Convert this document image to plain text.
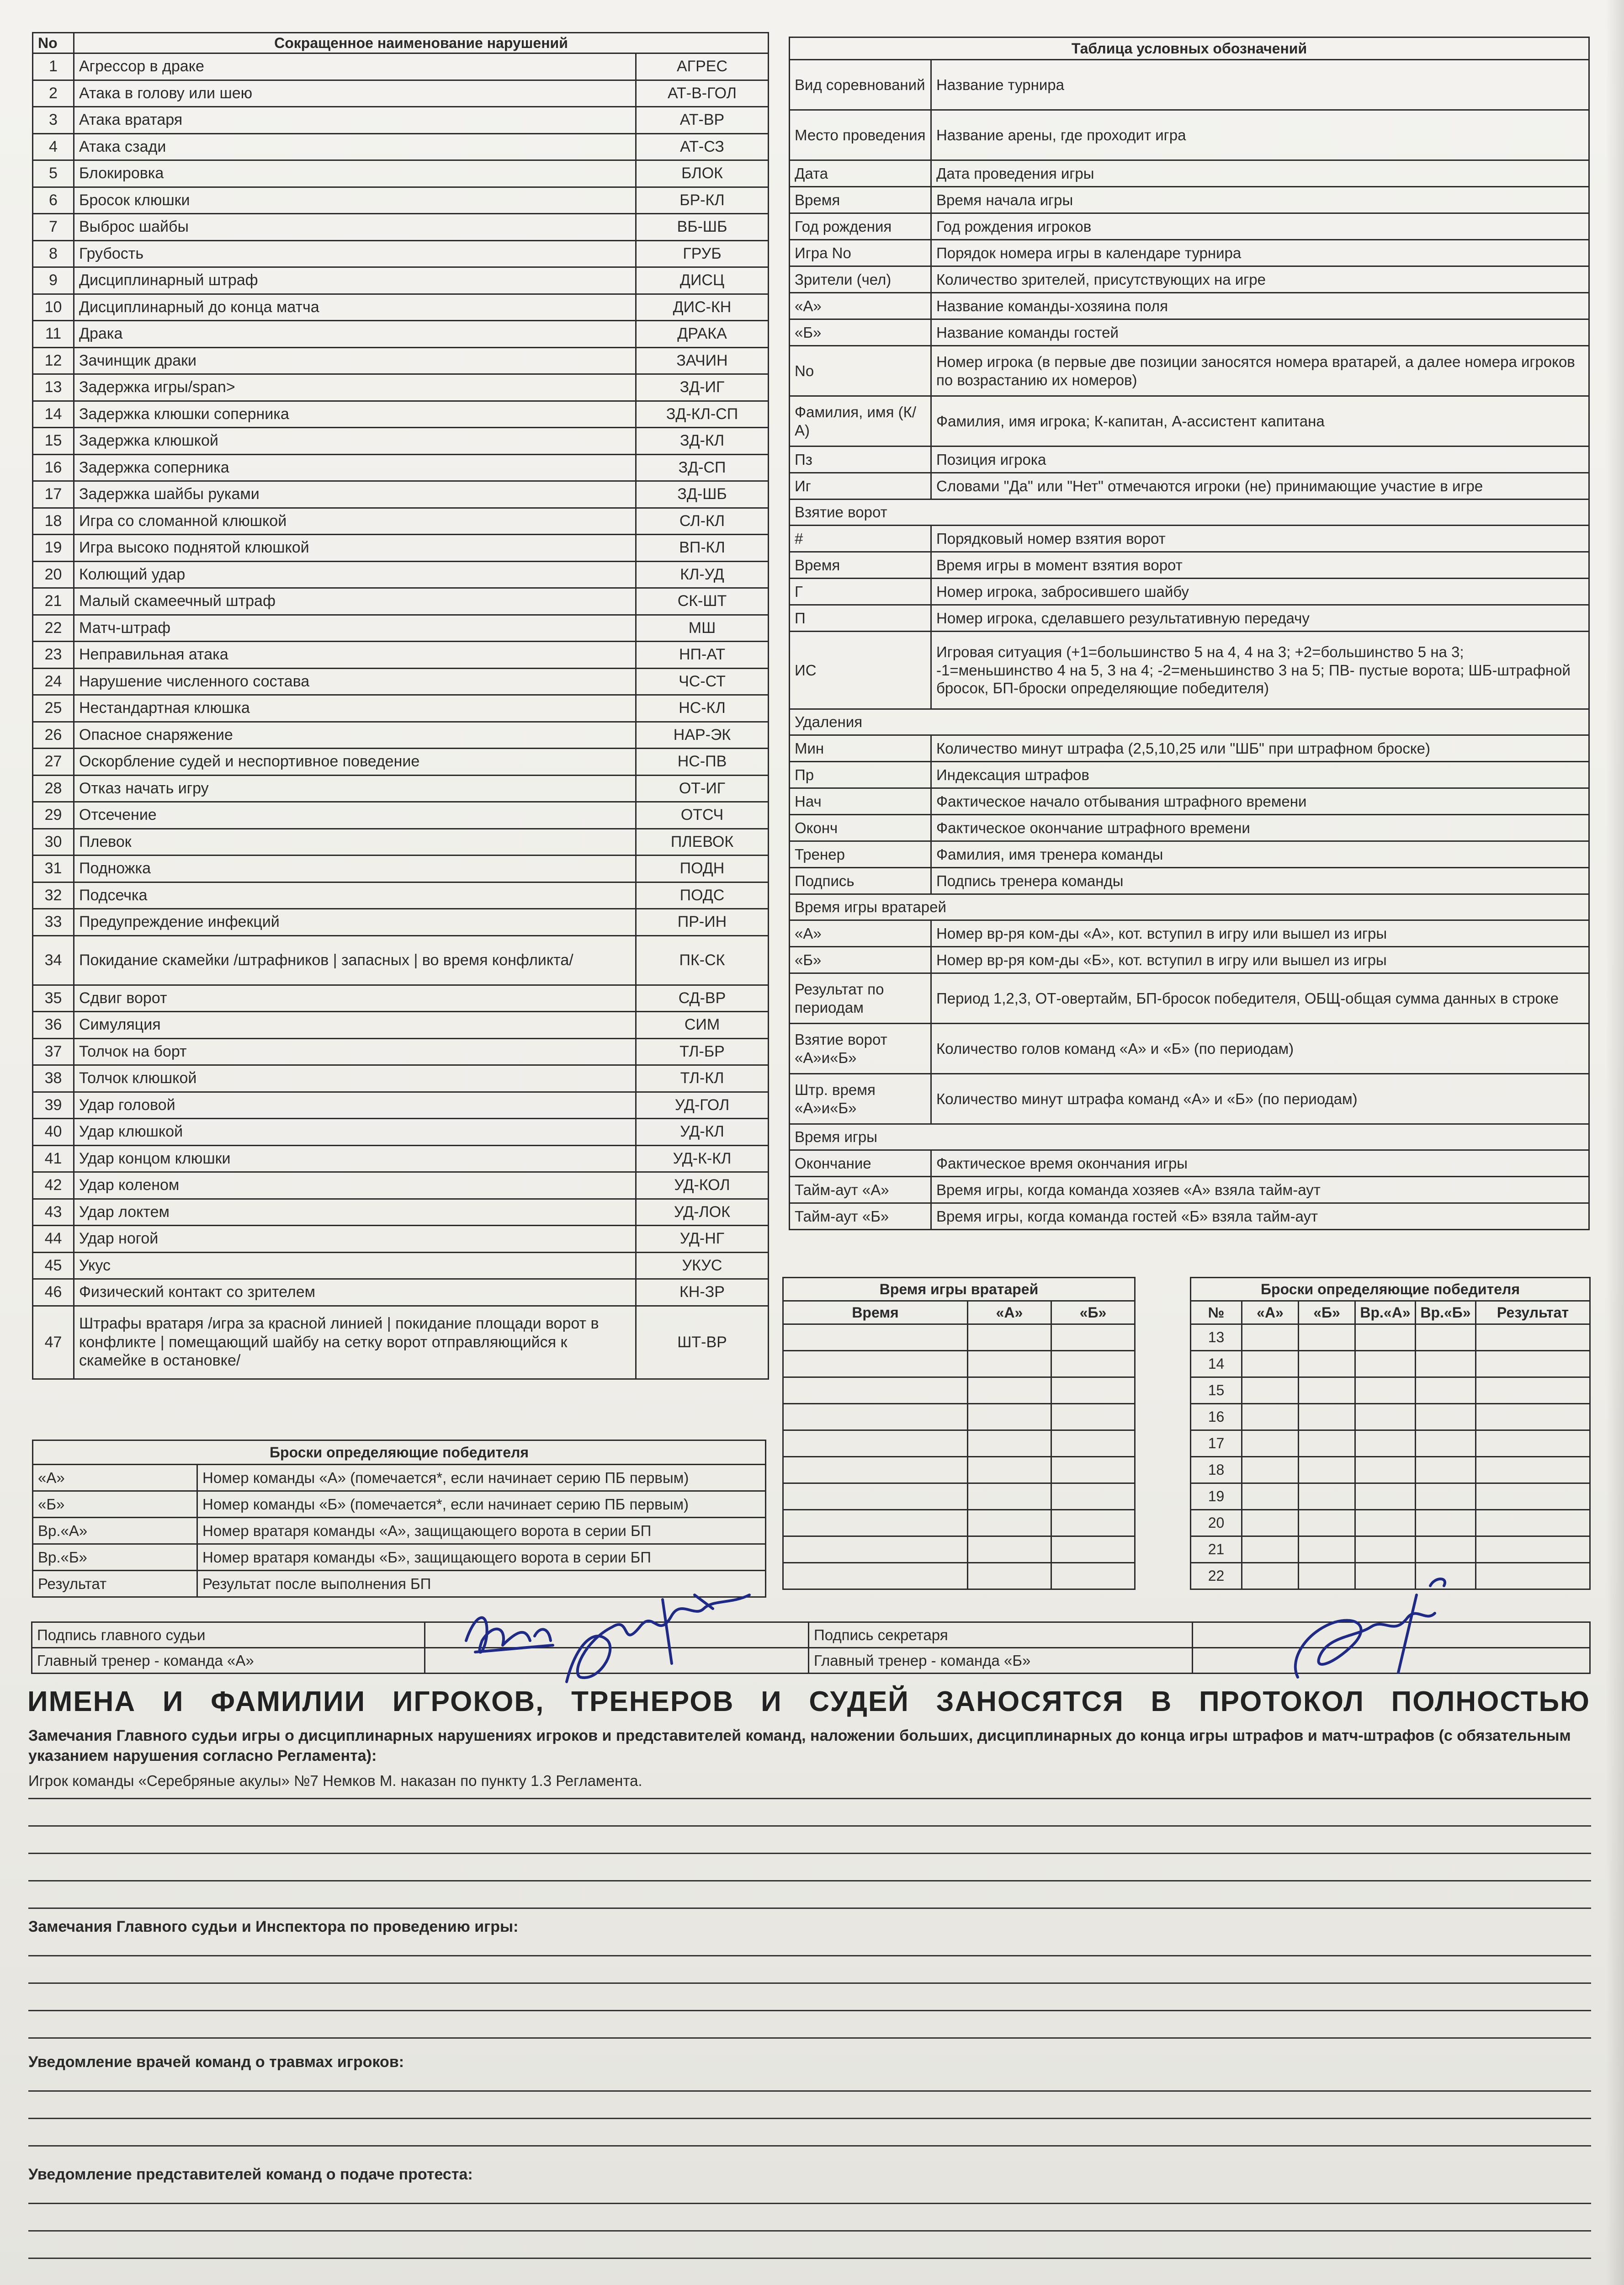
No	Сокращенное наименование нарушений	
1	Агрессор в драке	АГРЕС
2	Атака в голову или шею	АТ-В-ГОЛ
3	Атака вратаря	АТ-ВР
4	Атака сзади	АТ-СЗ
5	Блокировка	БЛОК
6	Бросок клюшки	БР-КЛ
7	Выброс шайбы	ВБ-ШБ
8	Грубость	ГРУБ
9	Дисциплинарный штраф	ДИСЦ
10	Дисциплинарный до конца матча	ДИС-КН
11	Драка	ДРАКА
12	Зачинщик драки	ЗАЧИН
13	Задержка игры/span>	ЗД-ИГ
14	Задержка клюшки соперника	ЗД-КЛ-СП
15	Задержка клюшкой	ЗД-КЛ
16	Задержка соперника	ЗД-СП
17	Задержка шайбы руками	ЗД-ШБ
18	Игра со сломанной клюшкой	СЛ-КЛ
19	Игра высоко поднятой клюшкой	ВП-КЛ
20	Колющий удар	КЛ-УД
21	Малый скамеечный штраф	СК-ШТ
22	Матч-штраф	МШ
23	Неправильная атака	НП-АТ
24	Нарушение численного состава	ЧС-СТ
25	Нестандартная клюшка	НС-КЛ
26	Опасное снаряжение	НАР-ЭК
27	Оскорбление судей и неспортивное поведение	НС-ПВ
28	Отказ начать игру	ОТ-ИГ
29	Отсечение	ОТСЧ
30	Плевок	ПЛЕВОК
31	Подножка	ПОДН
32	Подсечка	ПОДС
33	Предупреждение инфекций	ПР-ИН
34	Покидание скамейки /штрафников | запасных | во время конфликта/	ПК-СК
35	Сдвиг ворот	СД-ВР
36	Симуляция	СИМ
37	Толчок на борт	ТЛ-БР
38	Толчок клюшкой	ТЛ-КЛ
39	Удар головой	УД-ГОЛ
40	Удар клюшкой	УД-КЛ
41	Удар концом клюшки	УД-К-КЛ
42	Удар коленом	УД-КОЛ
43	Удар локтем	УД-ЛОК
44	Удар ногой	УД-НГ
45	Укус	УКУС
46	Физический контакт со зрителем	КН-ЗР
47	Штрафы вратаря /игра за красной линией | покидание площади ворот в конфликте | помещающий шайбу на сетку ворот отправляющийся к скамейке в остановке/	ШТ-ВР
Таблица условных обозначений	
Вид соревнований	Название турнира
Место проведения	Название арены, где проходит игра
Дата	Дата проведения игры
Время	Время начала игры
Год рождения	Год рождения игроков
Игра No	Порядок номера игры в календаре турнира
Зрители (чел)	Количество зрителей, присутствующих на игре
«А»	Название команды-хозяина поля
«Б»	Название команды гостей
No	Номер игрока (в первые две позиции заносятся номера вратарей, а далее номера игроков по возрастанию их номеров)
Фамилия, имя (К/А)	Фамилия, имя игрока; К-капитан, А-ассистент капитана
Пз	Позиция игрока
Иг	Словами "Да" или "Нет" отмечаются игроки (не) принимающие участие в игре
Взятие ворот	
#	Порядковый номер взятия ворот
Время	Время игры в момент взятия ворот
Г	Номер игрока, забросившего шайбу
П	Номер игрока, сделавшего результативную передачу
ИС	Игровая ситуация (+1=большинство 5 на 4, 4 на 3; +2=большинство 5 на 3; -1=меньшинство 4 на 5, 3 на 4; -2=меньшинство 3 на 5; ПВ- пустые ворота; ШБ-штрафной бросок, БП-броски определяющие победителя)
Удаления	
Мин	Количество минут штрафа (2,5,10,25 или "ШБ" при штрафном броске)
Пр	Индексация штрафов
Нач	Фактическое начало отбывания штрафного времени
Оконч	Фактическое окончание штрафного времени
Тренер	Фамилия, имя тренера команды
Подпись	Подпись тренера команды
Время игры вратарей	
«А»	Номер вр-ря ком-ды «А», кот. вступил в игру или вышел из игры
«Б»	Номер вр-ря ком-ды «Б», кот. вступил в игру или вышел из игры
Результат по периодам	Период 1,2,3, ОТ-овертайм, БП-бросок победителя, ОБЩ-общая сумма данных в строке
Взятие ворот «А»и«Б»	Количество голов команд «А» и «Б» (по периодам)
Штр. время «А»и«Б»	Количество минут штрафа команд «А» и «Б» (по периодам)
Время игры	
Окончание	Фактическое время окончания игры
Тайм-аут «А»	Время игры, когда команда хозяев «А» взяла тайм-аут
Тайм-аут «Б»	Время игры, когда команда гостей «Б» взяла тайм-аут
Время игры вратарей		
Время	«А»	«Б»

Броски определяющие победителя					
№	«А»	«Б»	Вр.«А»	Вр.«Б»	Результат
13					
14					
15					
16					
17					
18					
19					
20					
21					
22					
Броски определяющие победителя	
«А»	Номер команды «А» (помечается*, если начинает серию ПБ первым)
«Б»	Номер команды «Б» (помечается*, если начинает серию ПБ первым)
Вр.«А»	Номер вратаря команды «А», защищающего ворота в серии БП
Вр.«Б»	Номер вратаря команды «Б», защищающего ворота в серии БП
Результат	Результат после выполнения БП
Подпись главного судьи		Подпись секретаря	
Главный тренер - команда «А»		Главный тренер - команда «Б»	
ИМЕНА И ФАМИЛИИ ИГРОКОВ, ТРЕНЕРОВ И СУДЕЙ ЗАНОСЯТСЯ В ПРОТОКОЛ ПОЛНОСТЬЮ
Замечания Главного судьи игры о дисциплинарных нарушениях игроков и представителей команд, наложении больших, дисциплинарных до конца игры штрафов и матч-штрафов (с обязательным указанием нарушения согласно Регламента):
Игрок команды «Серебряные акулы» №7 Немков М. наказан по пункту 1.3 Регламента.
Замечания Главного судьи и Инспектора по проведению игры:
Уведомление врачей команд о травмах игроков:
Уведомление представителей команд о подаче протеста:
